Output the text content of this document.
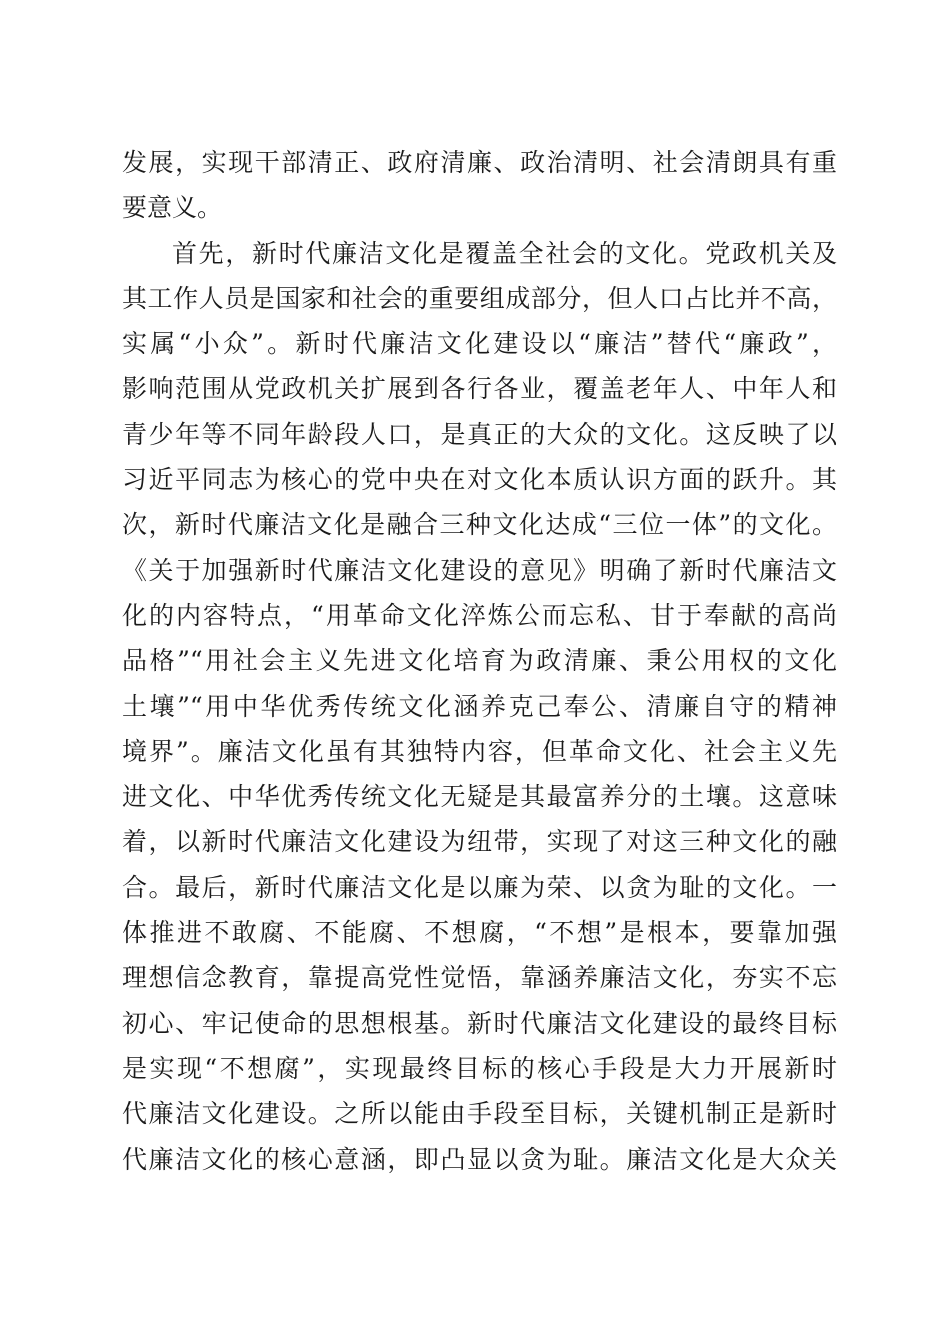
发展，实现干部清正、政府清廉、政治清明、社会清朗具有重
要意义。
首先，新时代廉洁文化是覆盖全社会的文化。党政机关及
其工作人员是国家和社会的重要组成部分，但人口占比并不高，
实属“小众”。新时代廉洁文化建设以“廉洁”替代“廉政”，
影响范围从党政机关扩展到各行各业，覆盖老年人、中年人和
青少年等不同年龄段人口，是真正的大众的文化。这反映了以
习近平同志为核心的党中央在对文化本质认识方面的跃升。其
次，新时代廉洁文化是融合三种文化达成“三位一体”的文化。
《关于加强新时代廉洁文化建设的意见》明确了新时代廉洁文
化的内容特点，“用革命文化淬炼公而忘私、甘于奉献的高尚
品格”“用社会主义先进文化培育为政清廉、秉公用权的文化
土壤”“用中华优秀传统文化涵养克己奉公、清廉自守的精神
境界”。廉洁文化虽有其独特内容，但革命文化、社会主义先
进文化、中华优秀传统文化无疑是其最富养分的土壤。这意味
着，以新时代廉洁文化建设为纽带，实现了对这三种文化的融
合。最后，新时代廉洁文化是以廉为荣、以贪为耻的文化。一
体推进不敢腐、不能腐、不想腐，“不想”是根本，要靠加强
理想信念教育，靠提高党性觉悟，靠涵养廉洁文化，夯实不忘
初心、牢记使命的思想根基。新时代廉洁文化建设的最终目标
是实现“不想腐”，实现最终目标的核心手段是大力开展新时
代廉洁文化建设。之所以能由手段至目标，关键机制正是新时
代廉洁文化的核心意涵，即凸显以贪为耻。廉洁文化是大众关
